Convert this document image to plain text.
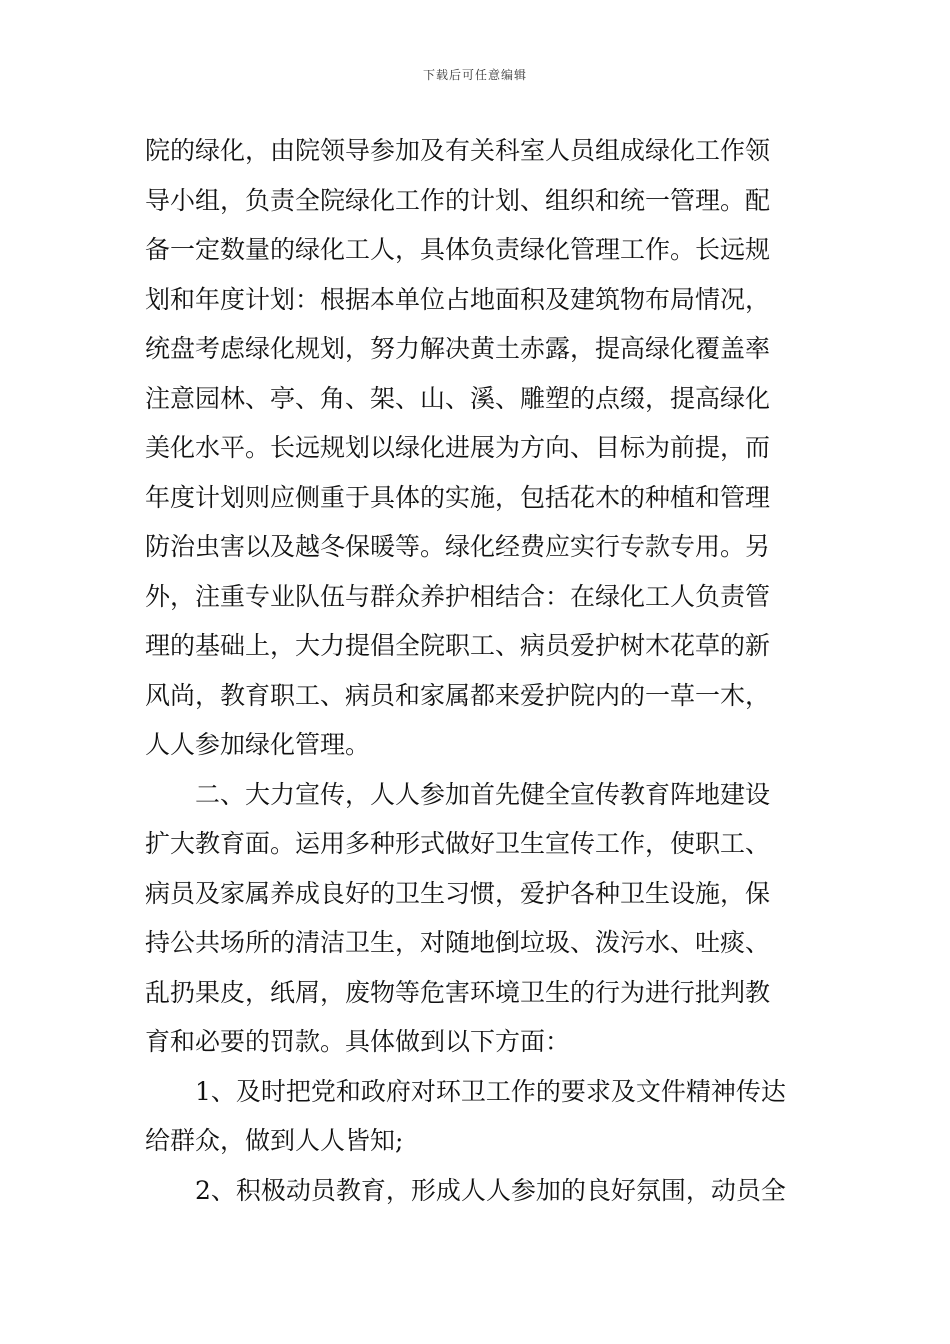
下载后可任意编辑
院的绿化，由院领导参加及有关科室人员组成绿化工作领
导小组，负责全院绿化工作的计划、组织和统一管理。配
备一定数量的绿化工人，具体负责绿化管理工作。长远规
划和年度计划：根据本单位占地面积及建筑物布局情况，
统盘考虑绿化规划，努力解决黄土赤露，提高绿化覆盖率
注意园林、亭、角、架、山、溪、雕塑的点缀，提高绿化
美化水平。长远规划以绿化进展为方向、目标为前提，而
年度计划则应侧重于具体的实施，包括花木的种植和管理
防治虫害以及越冬保暖等。绿化经费应实行专款专用。另
外，注重专业队伍与群众养护相结合：在绿化工人负责管
理的基础上，大力提倡全院职工、病员爱护树木花草的新
风尚，教育职工、病员和家属都来爱护院内的一草一木，
人人参加绿化管理。
二、大力宣传，人人参加首先健全宣传教育阵地建设
扩大教育面。运用多种形式做好卫生宣传工作，使职工、
病员及家属养成良好的卫生习惯，爱护各种卫生设施，保
持公共场所的清洁卫生，对随地倒垃圾、泼污水、吐痰、
乱扔果皮，纸屑，废物等危害环境卫生的行为进行批判教
育和必要的罚款。具体做到以下方面：
1、及时把党和政府对环卫工作的要求及文件精神传达
给群众，做到人人皆知;
2、积极动员教育，形成人人参加的良好氛围，动员全
